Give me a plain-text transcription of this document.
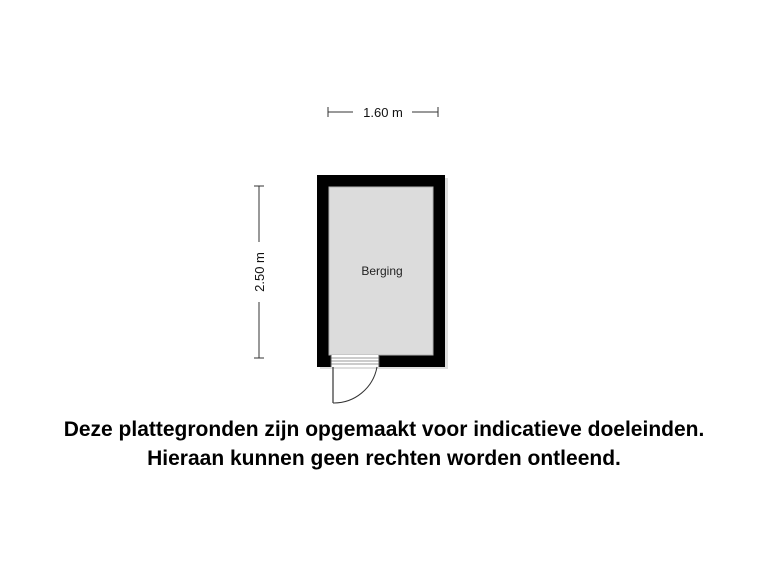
1.60 m
2.50 m	Berging
Deze plattegronden zijn opgemaakt voor indicatieve doeleinden.
Hieraan kunnen geen rechten worden ontleend.
